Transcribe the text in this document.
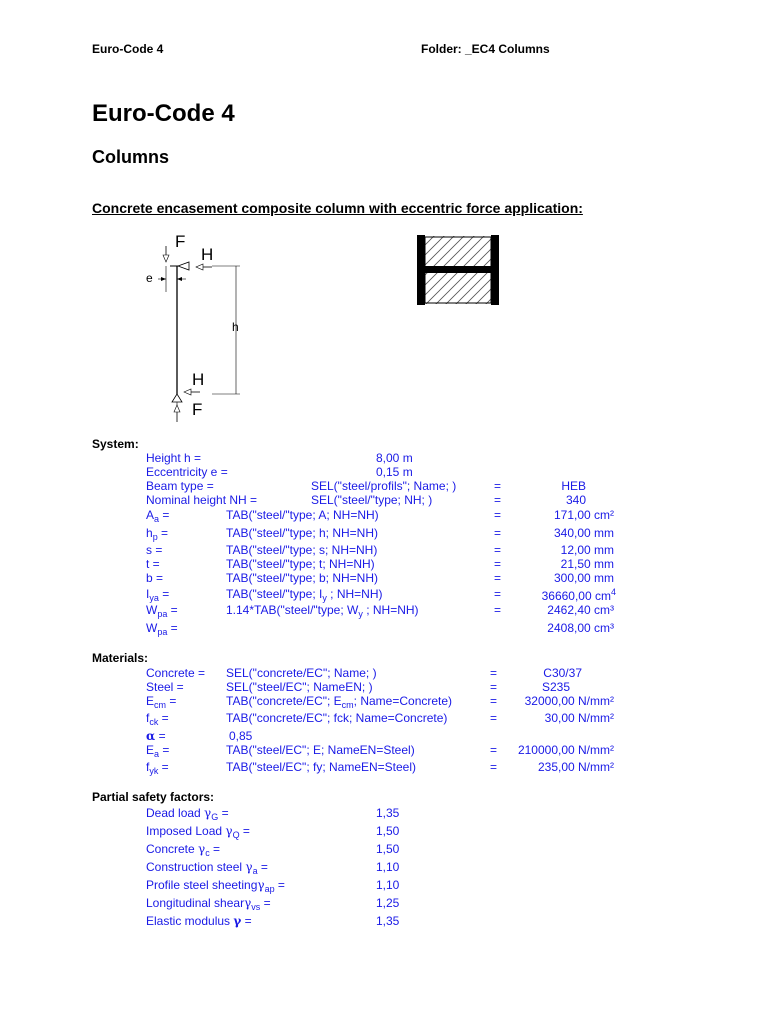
Euro-Code 4	Folder: _EC4 Columns
Euro-Code 4
Columns
Concrete encasement composite column with eccentric force application:
F
H
e
h
H
F
System:
Height h =	8,00 m
Eccentricity e =	0,15 m
Beam type =	SEL("steel/profils"; Name; )	=	HEB
Nominal height NH =	SEL("steel/"type; NH; )	=	340
$A_a$ =	TAB("steel/"type; A; NH=NH)	=	171,00 cm²
$h_p$ =	TAB("steel/"type; h; NH=NH)	=	340,00 mm
s =	TAB("steel/"type; s; NH=NH)	=	12,00 mm
t =	TAB("steel/"type; t; NH=NH)	=	21,50 mm
b =	TAB("steel/"type; b; NH=NH)	=	300,00 mm
$I_{ya}$ =	TAB("steel/"type; $I_y$ ; NH=NH)	=	36660,00 $cm^4$
$W_{pa}$ =	1.14*TAB("steel/"type; $W_y$ ; NH=NH)	=	2462,40 cm³
$W_{pa}$ =	2408,00 cm³
Materials:
Concrete = SEL("concrete/EC"; Name; )	=	C30/37
Steel =	SEL("steel/EC"; NameEN; )	=	S235
$E_{cm}$ =	TAB("concrete/EC"; $E_{cm}$; Name=Concrete)	= 32000,00 N/mm²
$f_{ck}$ =	TAB("concrete/EC"; fck; Name=Concrete)	=	30,00 N/mm²
α =	0,85
$E_a$ =	TAB("steel/EC"; E; NameEN=Steel)	= 210000,00 N/mm²
$f_{yk}$ =	TAB("steel/EC"; fy; NameEN=Steel)	=	235,00 N/mm²
Partial safety factors:
Dead load $\gamma_G$ =	1,35
Imposed Load $\gamma_Q$ =	1,50
Concrete $\gamma_c$ =	1,50
Construction steel $\gamma_a$ =	1,10
Profile steel sheetingγ$_{ap}$ =	1,10
Longitudinal shearγ$_{vs}$ =	1,25
Elastic modulus γ =	1,35
